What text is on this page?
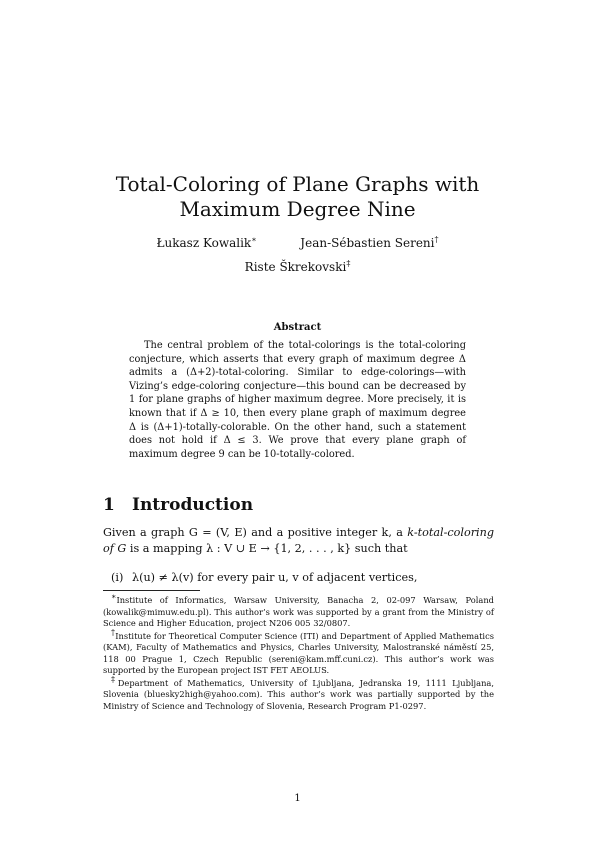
Total-Coloring of Plane Graphs with
Maximum Degree Nine
Łukasz Kowalik∗	Jean-Sébastien Sereni†
Riste Škrekovski‡
Abstract

The central problem of the total-colorings is the total-coloring conjecture, which asserts that every graph of maximum degree Δ admits a (Δ+2)-total-coloring. Similar to edge-colorings—with Vizing’s edge-coloring conjecture—this bound can be decreased by 1 for plane graphs of higher maximum degree. More precisely, it is known that if Δ ≥ 10, then every plane graph of maximum degree Δ is (Δ+1)-totally-colorable. On the other hand, such a statement does not hold if Δ ≤ 3. We prove that every plane graph of maximum degree 9 can be 10-totally-colored.

1 Introduction

Given a graph G = (V, E) and a positive integer k, a k-total-coloring of G is a mapping λ : V ∪ E → {1, 2, . . . , k} such that

(i) λ(u) ≠ λ(v) for every pair u, v of adjacent vertices,

∗Institute of Informatics, Warsaw University, Banacha 2, 02-097 Warsaw, Poland (kowalik@mimuw.edu.pl). This author’s work was supported by a grant from the Ministry of Science and Higher Education, project N206 005 32/0807.

†Institute for Theoretical Computer Science (ITI) and Department of Applied Mathematics (KAM), Faculty of Mathematics and Physics, Charles University, Malostranské náměstí 25, 118 00 Prague 1, Czech Republic (sereni@kam.mff.cuni.cz). This author’s work was supported by the European project IST FET AEOLUS.

‡Department of Mathematics, University of Ljubljana, Jedranska 19, 1111 Ljubljana, Slovenia (bluesky2high@yahoo.com). This author’s work was partially supported by the Ministry of Science and Technology of Slovenia, Research Program P1-0297.

1
